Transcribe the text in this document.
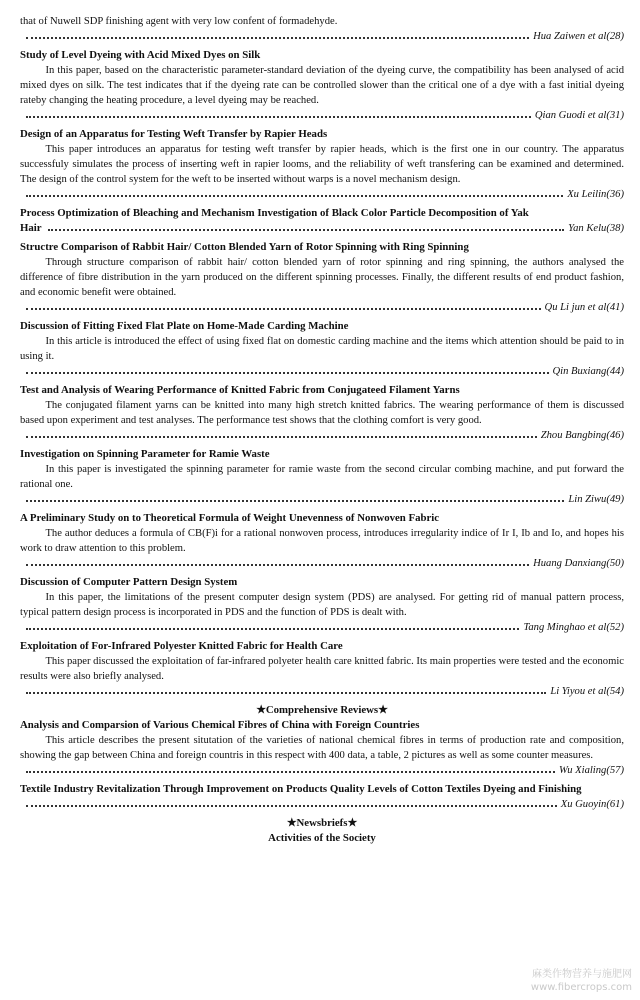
that of Nuwell SDP finishing agent with very low confent of formadehyde.

Hua Zaiwen et al(28)

Study of Level Dyeing with Acid Mixed Dyes on Silk

In this paper, based on the characteristic parameter-standard deviation of the dyeing curve, the compatibility has been analysed of acid mixed dyes on silk. The test indicates that if the dyeing rate can be controlled slower than the critical one of a dye with a fast initial dyeing rateby changing the heating procedure, a level dyeing may be reached.

Qian Guodi et al(31)

Design of an Apparatus for Testing Weft Transfer by Rapier Heads

This paper introduces an apparatus for testing weft transfer by rapier heads, which is the first one in our country. The apparatus successfuly simulates the process of inserting weft in rapier looms, and the reliability of weft transfering can be examined and determined. The design of the control system for the weft to be inserted without warps is a novel mechanism design.

Xu Leilin(36)

Process Optimization of Bleaching and Mechanism Investigation of Black Color Particle Decomposition of Yak

Hair	Yan Kelu(38)

Structre Comparison of Rabbit Hair/ Cotton Blended Yarn of Rotor Spinning with Ring Spinning

Through structure comparison of rabbit hair/ cotton blended yarn of rotor spinning and ring spinning, the authors analysed the difference of fibre distribution in the yarn produced on the different spinning processes. Finally, the different results of end product fashion, and economic benefit were obtained.

Qu Li jun et al(41)

Discussion of Fitting Fixed Flat Plate on Home-Made Carding Machine

In this article is introduced the effect of using fixed flat on domestic carding machine and the items which attention should be paid to in using it.

Qin Buxiang(44)

Test and Analysis of Wearing Performance of Knitted Fabric from Conjugateed Filament Yarns

The conjugated filament yarns can be knitted into many high stretch knitted fabrics. The wearing performance of them is discussed based upon experiment and test analyses. The performance test shows that the clothing comfort is very good.

Zhou Bangbing(46)

Investigation on Spinning Parameter for Ramie Waste

In this paper is investigated the spinning parameter for ramie waste from the second circular combing machine, and put forward the rational one.

Lin Ziwu(49)

A Preliminary Study on to Theoretical Formula of Weight Unevenness of Nonwoven Fabric

The author deduces a formula of CB(F)i for a rational nonwoven process, introduces irregularity indice of Ir I, Ib and Io, and hopes his work to draw attention to this problem.

Huang Danxiang(50)

Discussion of Computer Pattern Design System

In this paper, the limitations of the present computer design system (PDS) are analysed. For getting rid of manual pattern process, typical pattern design process is incorporated in PDS and the function of PDS is dealt with.

Tang Minghao et al(52)

Exploitation of For-Infrared Polyester Knitted Fabric for Health Care

This paper discussed the exploitation of far-infrared polyeter health care knitted fabric. Its main properties were tested and the economic results were also briefly analysed.

Li Yiyou et al(54)

★Comprehensive Reviews★

Analysis and Comparsion of Various Chemical Fibres of China with Foreign Countries

This article describes the present situtation of the varieties of national chemical fibres in terms of production rate and composition, showing the gap between China and foreign countris in this respect with 400 data, a table, 2 pictures as well as some counter measures.

Wu Xialing(57)

Textile Industry Revitalization Through Improvement on Products Quality Levels of Cotton Textiles Dyeing and Finishing

Xu Guoyin(61)

★Newsbriefs★

Activities of the Society

麻类作物营养与施肥网
www.fibercrops.com
